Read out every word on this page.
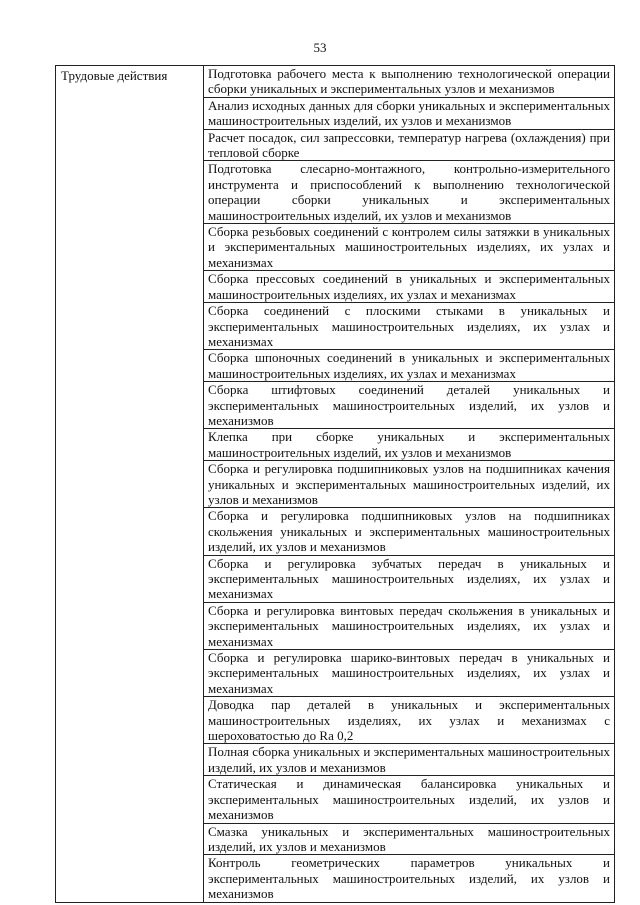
53
Трудовые действия	Подготовка рабочего места к выполнению технологической операции сборки уникальных и экспериментальных узлов и механизмов
Анализ исходных данных для сборки уникальных и экспериментальных машиностроительных изделий, их узлов и механизмов
Расчет посадок, сил запрессовки, температур нагрева (охлаждения) при тепловой сборке
Подготовка слесарно-монтажного, контрольно-измерительного инструмента и приспособлений к выполнению технологической операции сборки уникальных и экспериментальных машиностроительных изделий, их узлов и механизмов
Сборка резьбовых соединений с контролем силы затяжки в уникальных и экспериментальных машиностроительных изделиях, их узлах и механизмах
Сборка прессовых соединений в уникальных и экспериментальных машиностроительных изделиях, их узлах и механизмах
Сборка соединений с плоскими стыками в уникальных и экспериментальных машиностроительных изделиях, их узлах и механизмах
Сборка шпоночных соединений в уникальных и экспериментальных машиностроительных изделиях, их узлах и механизмах
Сборка штифтовых соединений деталей уникальных и экспериментальных машиностроительных изделий, их узлов и механизмов
Клепка при сборке уникальных и экспериментальных машиностроительных изделий, их узлов и механизмов
Сборка и регулировка подшипниковых узлов на подшипниках качения уникальных и экспериментальных машиностроительных изделий, их узлов и механизмов
Сборка и регулировка подшипниковых узлов на подшипниках скольжения уникальных и экспериментальных машиностроительных изделий, их узлов и механизмов
Сборка и регулировка зубчатых передач в уникальных и экспериментальных машиностроительных изделиях, их узлах и механизмах
Сборка и регулировка винтовых передач скольжения в уникальных и экспериментальных машиностроительных изделиях, их узлах и механизмах
Сборка и регулировка шарико-винтовых передач в уникальных и экспериментальных машиностроительных изделиях, их узлах и механизмах
Доводка пар деталей в уникальных и экспериментальных машиностроительных изделиях, их узлах и механизмах с шероховатостью до Ra 0,2
Полная сборка уникальных и экспериментальных машиностроительных изделий, их узлов и механизмов
Статическая и динамическая балансировка уникальных и экспериментальных машиностроительных изделий, их узлов и механизмов
Смазка уникальных и экспериментальных машиностроительных изделий, их узлов и механизмов
Контроль геометрических параметров уникальных и экспериментальных машиностроительных изделий, их узлов и механизмов
